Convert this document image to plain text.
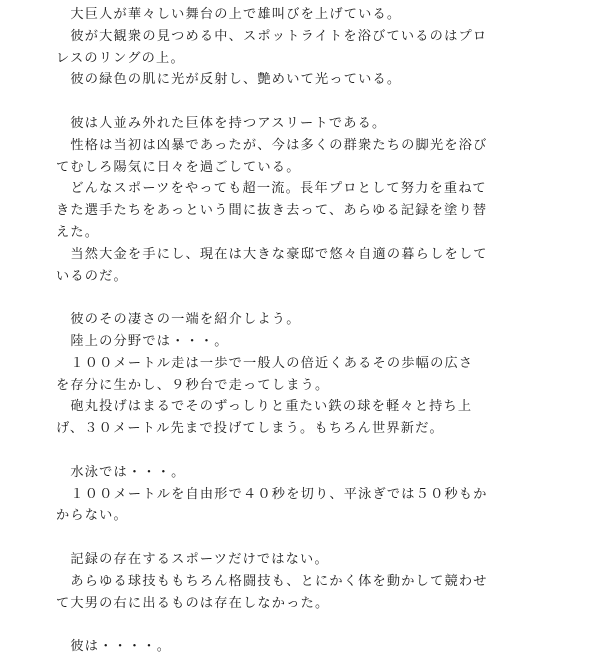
　大巨人が華々しい舞台の上で雄叫びを上げている。
　彼が大観衆の見つめる中、スポットライトを浴びているのはプロ
レスのリングの上。
　彼の緑色の肌に光が反射し、艶めいて光っている。
　彼は人並み外れた巨体を持つアスリートである。
　性格は当初は凶暴であったが、今は多くの群衆たちの脚光を浴び
てむしろ陽気に日々を過ごしている。
　どんなスポーツをやっても超一流。長年プロとして努力を重ねて
きた選手たちをあっという間に抜き去って、あらゆる記録を塗り替
えた。
　当然大金を手にし、現在は大きな豪邸で悠々自適の暮らしをして
いるのだ。
　彼のその凄さの一端を紹介しよう。
　陸上の分野では・・・。
　１００メートル走は一歩で一般人の倍近くあるその歩幅の広さ
を存分に生かし、９秒台で走ってしまう。
　砲丸投げはまるでそのずっしりと重たい鉄の球を軽々と持ち上
げ、３０メートル先まで投げてしまう。もちろん世界新だ。
　水泳では・・・。
　１００メートルを自由形で４０秒を切り、平泳ぎでは５０秒もか
からない。
　記録の存在するスポーツだけではない。
　あらゆる球技ももちろん格闘技も、とにかく体を動かして競わせ
て大男の右に出るものは存在しなかった。
　彼は・・・・。
